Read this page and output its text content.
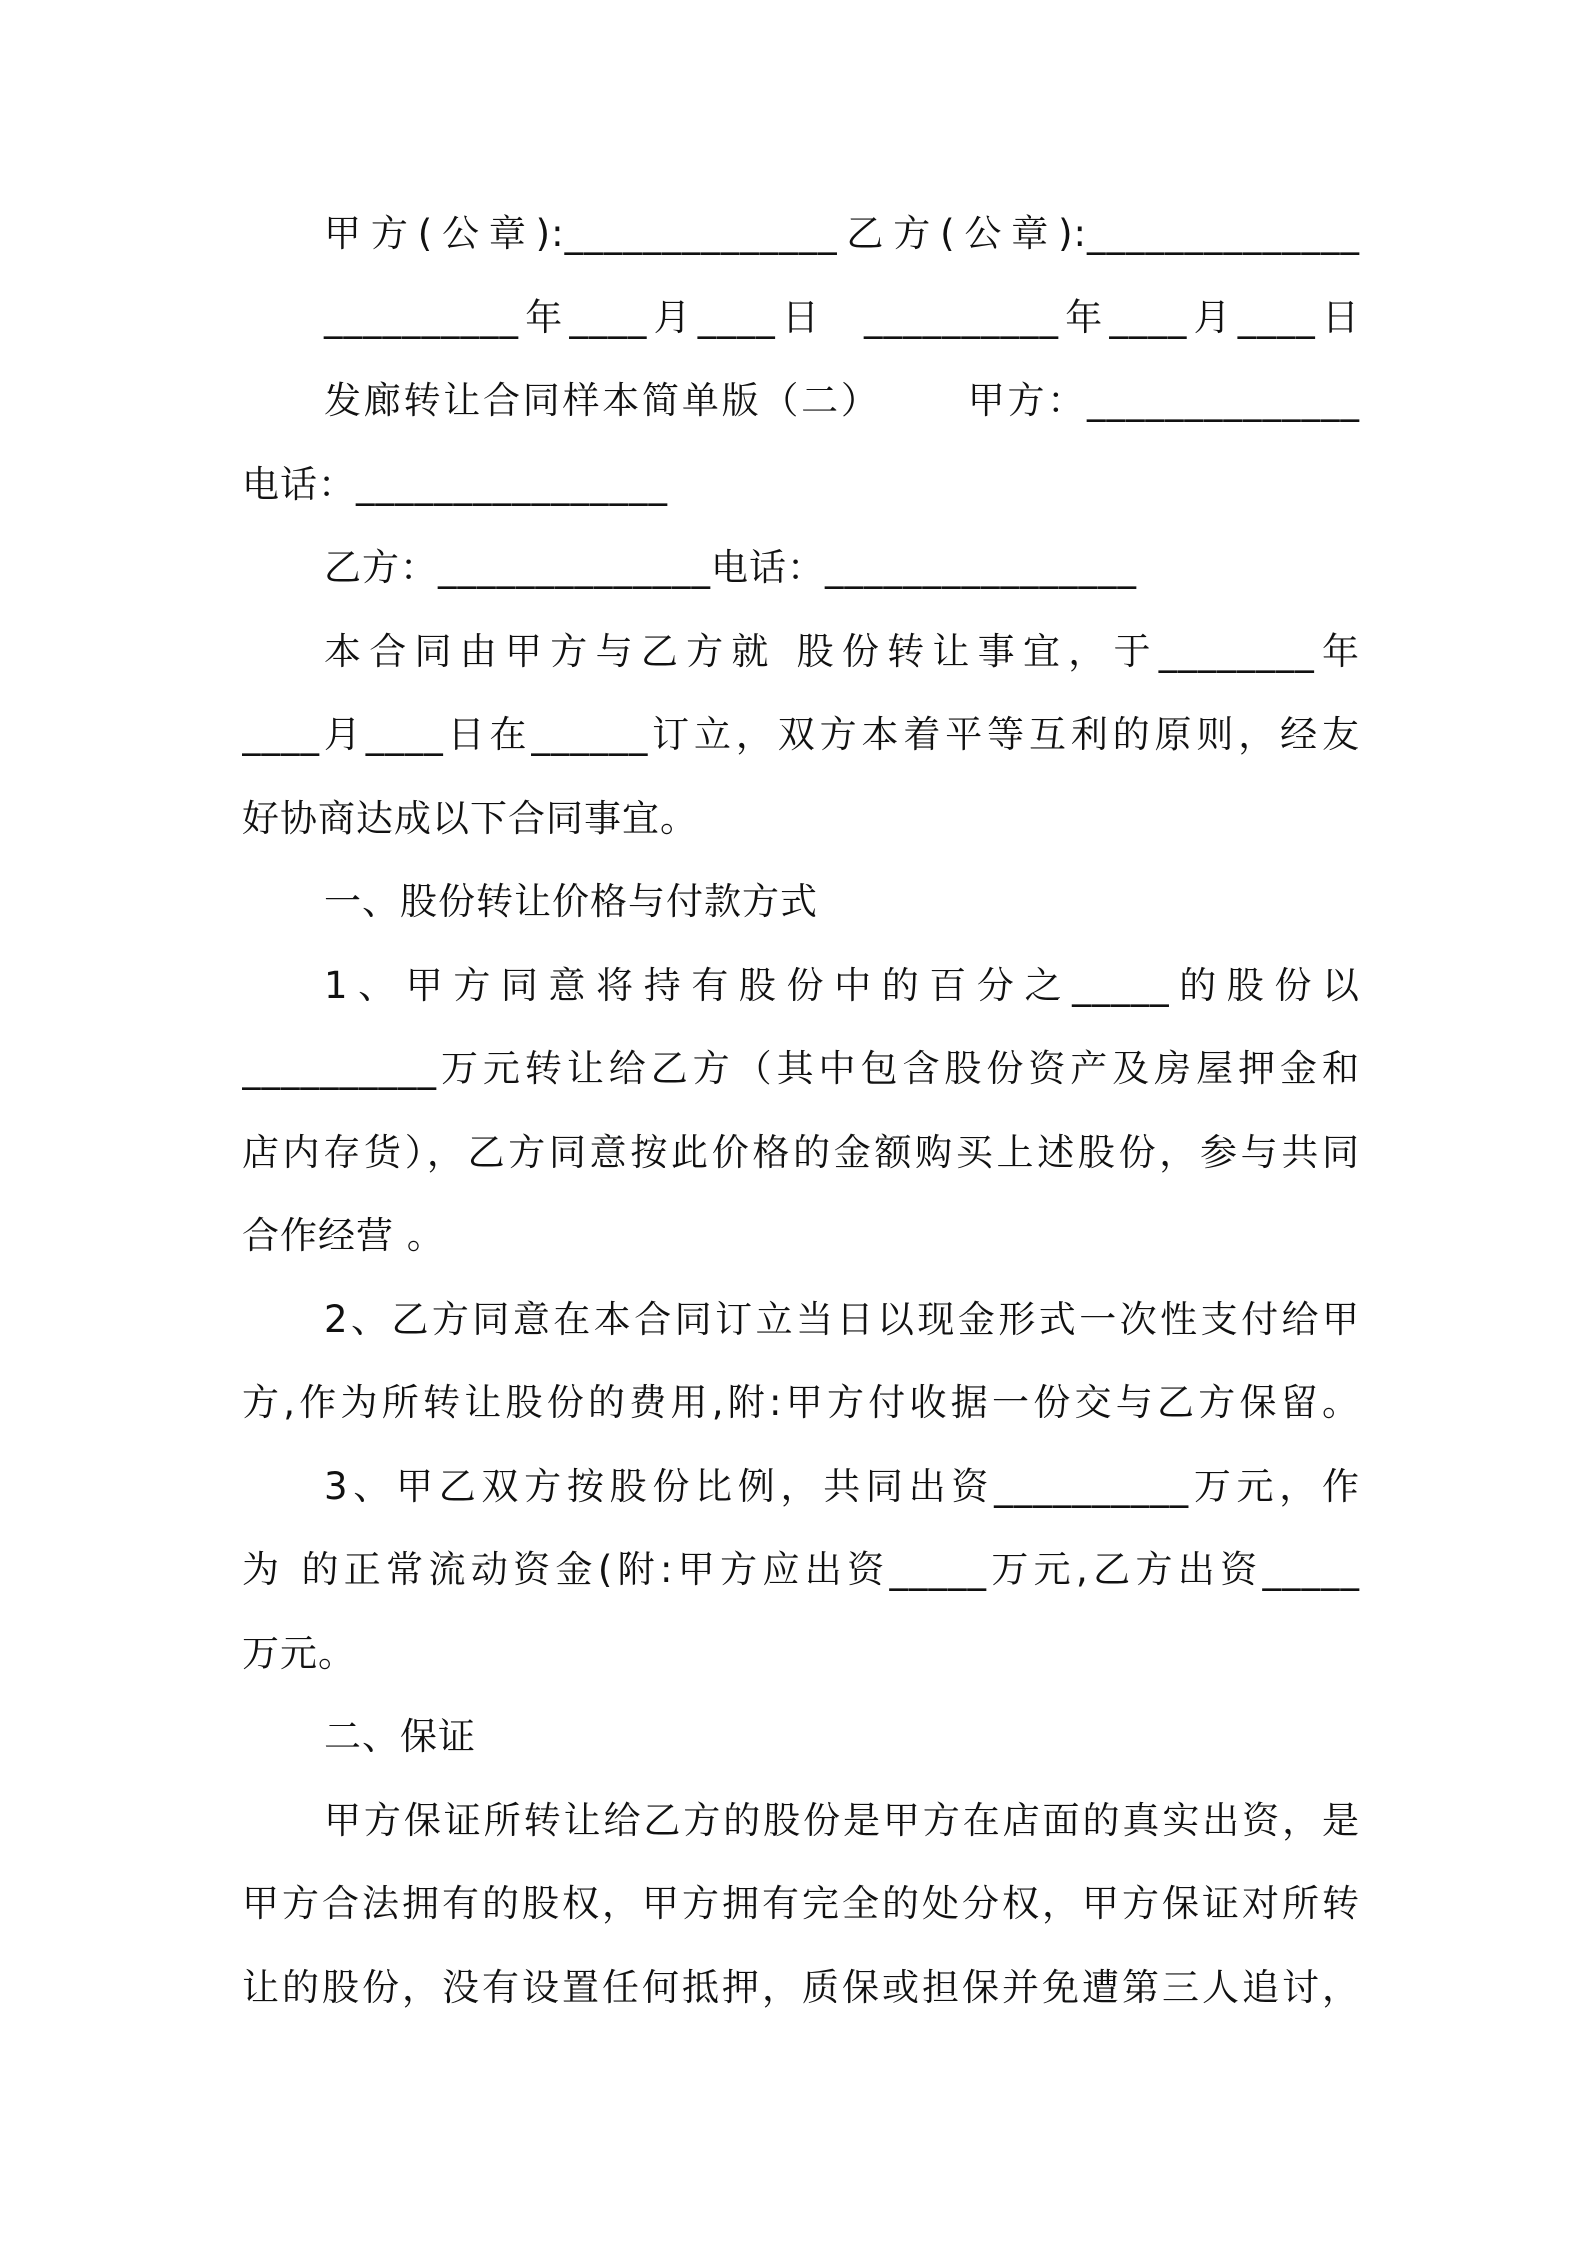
甲方(公章):______________乙方(公章):______________
__________年____月____日  __________年____月____日
发廊转让合同样本简单版（二）      甲方：______________
电话：________________
乙方：______________电话：________________
本合同由甲方与乙方就 股份转让事宜，于________年
____月____日在______订立，双方本着平等互利的原则，经友
好协商达成以下合同事宜。
一、股份转让价格与付款方式
1、甲方同意将持有股份中的百分之_____的股份以
__________万元转让给乙方（其中包含股份资产及房屋押金和
店内存货），乙方同意按此价格的金额购买上述股份，参与共同
合作经营 。
2、乙方同意在本合同订立当日以现金形式一次性支付给甲
方,作为所转让股份的费用,附:甲方付收据一份交与乙方保留。
3、甲乙双方按股份比例，共同出资__________万元，作
为 的正常流动资金(附:甲方应出资_____万元,乙方出资_____
万元。
二、保证
甲方保证所转让给乙方的股份是甲方在店面的真实出资，是
甲方合法拥有的股权，甲方拥有完全的处分权，甲方保证对所转
让的股份，没有设置任何抵押，质保或担保并免遭第三人追讨，
